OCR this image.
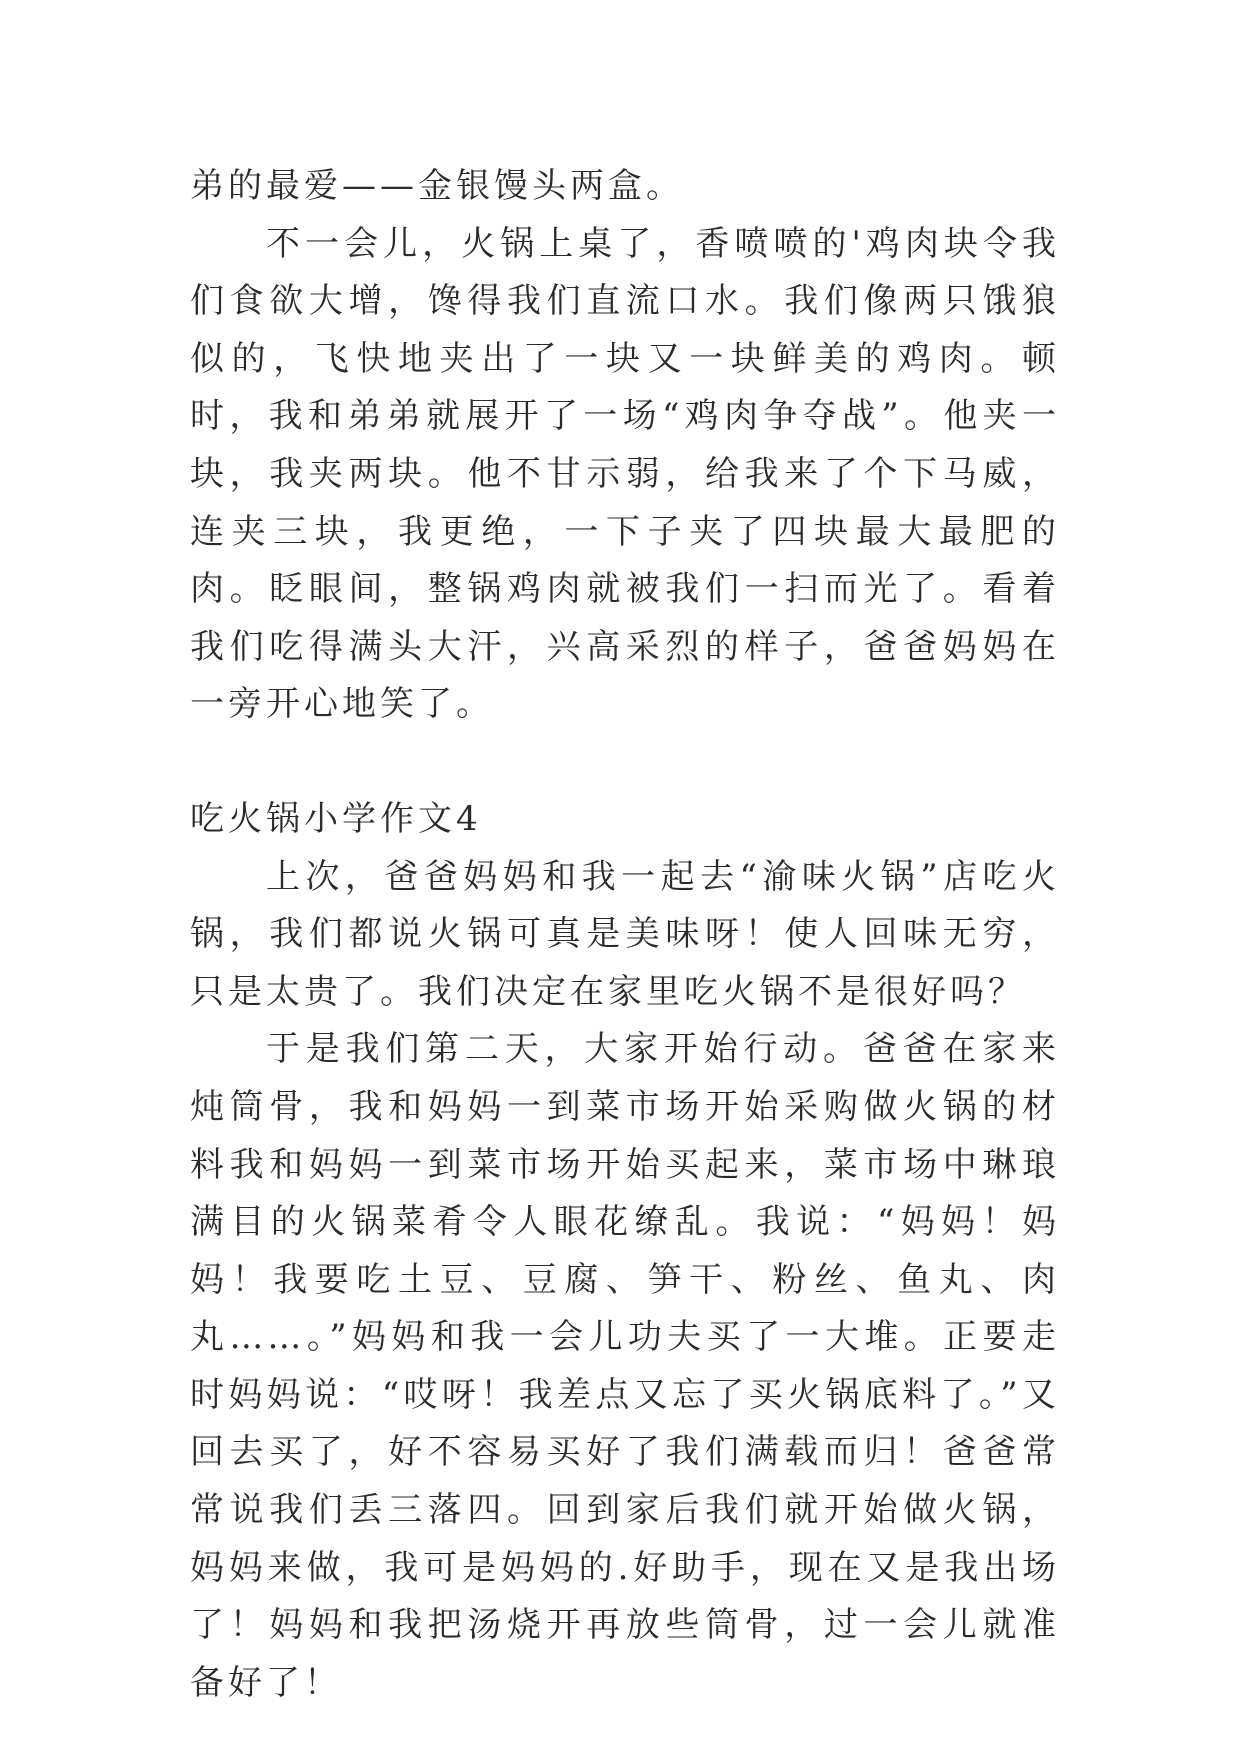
弟的最爱——金银馒头两盒。

不一会儿，火锅上桌了，香喷喷的'鸡肉块令我们食欲大增，馋得我们直流口水。我们像两只饿狼似的，飞快地夹出了一块又一块鲜美的鸡肉。顿时，我和弟弟就展开了一场“鸡肉争夺战”。他夹一块，我夹两块。他不甘示弱，给我来了个下马威，连夹三块，我更绝，一下子夹了四块最大最肥的肉。眨眼间，整锅鸡肉就被我们一扫而光了。看着我们吃得满头大汗，兴高采烈的样子，爸爸妈妈在一旁开心地笑了。

吃火锅小学作文4

上次，爸爸妈妈和我一起去“渝味火锅”店吃火锅，我们都说火锅可真是美味呀！使人回味无穷，只是太贵了。我们决定在家里吃火锅不是很好吗？

于是我们第二天，大家开始行动。爸爸在家来炖筒骨，我和妈妈一到菜市场开始采购做火锅的材料我和妈妈一到菜市场开始买起来，菜市场中琳琅满目的火锅菜肴令人眼花缭乱。我说：“妈妈！妈妈！我要吃土豆、豆腐、笋干、粉丝、鱼丸、肉丸……。”妈妈和我一会儿功夫买了一大堆。正要走时妈妈说：“哎呀！我差点又忘了买火锅底料了。”又回去买了，好不容易买好了我们满载而归！爸爸常常说我们丢三落四。回到家后我们就开始做火锅，妈妈来做，我可是妈妈的.好助手，现在又是我出场了！妈妈和我把汤烧开再放些筒骨，过一会儿就准备好了！
